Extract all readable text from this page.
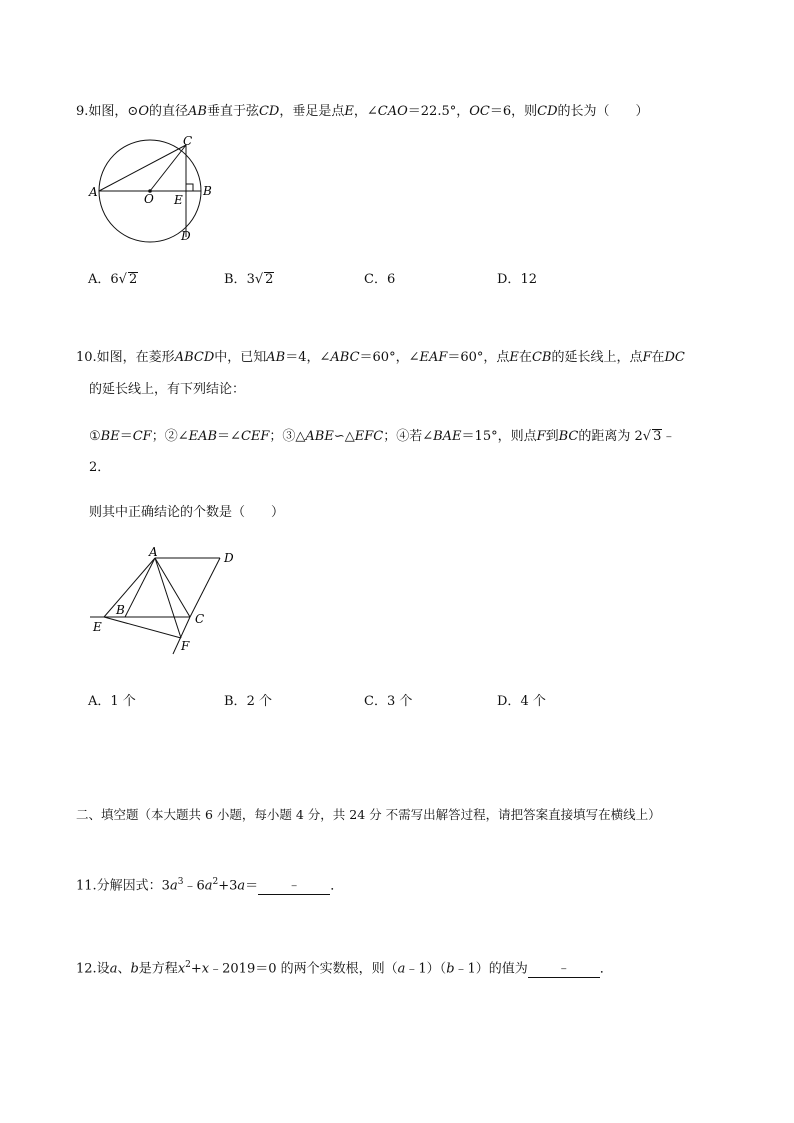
9.如图，⊙O的直径AB垂直于弦CD，垂足是点E，∠CAO＝22.5°，OC＝6，则CD的长为（　　）
A	O E
B
C
D
A．6√ 2	B．3√ 2	C．6	D．12
10.如图，在菱形ABCD中，已知AB＝4，∠ABC＝60°，∠EAF＝60°，点E在CB的延长线上，点F在DC
的延长线上，有下列结论：
①BE＝CF；②∠EAB＝∠CEF；③△ABE∽△EFC；④若∠BAE＝15°，则点F到BC的距离为 2√ 3﹣
2．
则其中正确结论的个数是（　　）
A	D
B
C
E
F
A．1 个	B．2 个	C．3 个	D．4 个
二、填空题（本大题共 6 小题，每小题 4 分，共 24 分 不需写出解答过程，请把答案直接填写在横线上）
11.分解因式：$3a^3﹣6a^2+3a=$ ﹣ ．
12.设a、b是方程$x^2+x﹣2019=0$ 的两个实数根，则（a﹣1）（b﹣1）的值为 ﹣ ．
